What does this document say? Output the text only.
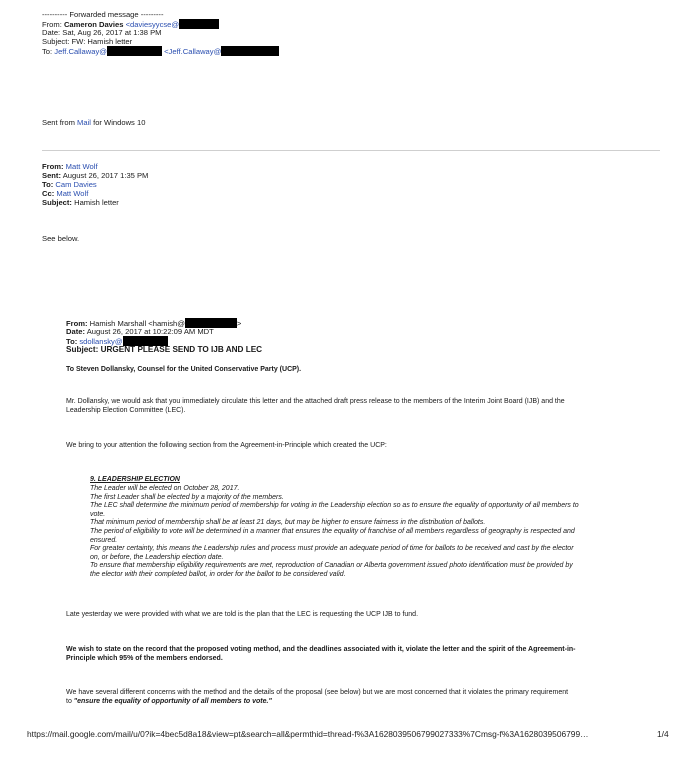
---------- Forwarded message ---------
From: Cameron Davies <daviesyycse@
Date: Sat, Aug 26, 2017 at 1:38 PM
Subject: FW: Hamish letter
To: Jeff.Callaway@	<Jeff.Callaway@
Sent from Mail for Windows 10
From: Matt Wolf
Sent: August 26, 2017 1:35 PM
To: Cam Davies
Cc: Matt Wolf
Subject: Hamish letter
See below.
From: Hamish Marshall <hamish@	>
Date: August 26, 2017 at 10:22:09 AM MDT
To: sdollansky@
Subject: URGENT PLEASE SEND TO IJB AND LEC
To Steven Dollansky, Counsel for the United Conservative Party (UCP).
Mr. Dollansky, we would ask that you immediately circulate this letter and the attached draft press release to the members of the Interim Joint Board (IJB) and the
Leadership Election Committee (LEC).
We bring to your attention the following section from the Agreement-in-Principle which created the UCP:
9. LEADERSHIP ELECTION
The Leader will be elected on October 28, 2017.
The first Leader shall be elected by a majority of the members.
The LEC shall determine the minimum period of membership for voting in the Leadership election so as to ensure the equality of opportunity of all members to
vote.
That minimum period of membership shall be at least 21 days, but may be higher to ensure fairness in the distribution of ballots.
The period of eligibility to vote will be determined in a manner that ensures the equality of franchise of all members regardless of geography is respected and
ensured.
For greater certainty, this means the Leadership rules and process must provide an adequate period of time for ballots to be received and cast by the elector
on, or before, the Leadership election date.
To ensure that membership eligibility requirements are met, reproduction of Canadian or Alberta government issued photo identification must be provided by
the elector with their completed ballot, in order for the ballot to be considered valid.
Late yesterday we were provided with what we are told is the plan that the LEC is requesting the UCP IJB to fund.
We wish to state on the record that the proposed voting method, and the deadlines associated with it, violate the letter and the spirit of the Agreement-in-
Principle which 95% of the members endorsed.
We have several different concerns with the method and the details of the proposal (see below) but we are most concerned that it violates the primary requirement
to "ensure the equality of opportunity of all members to vote."
https://mail.google.com/mail/u/0?ik=4bec5d8a18&view=pt&search=all&permthid=thread-f%3A1628039506799027333%7Cmsg-f%3A1628039506799…	1/4
